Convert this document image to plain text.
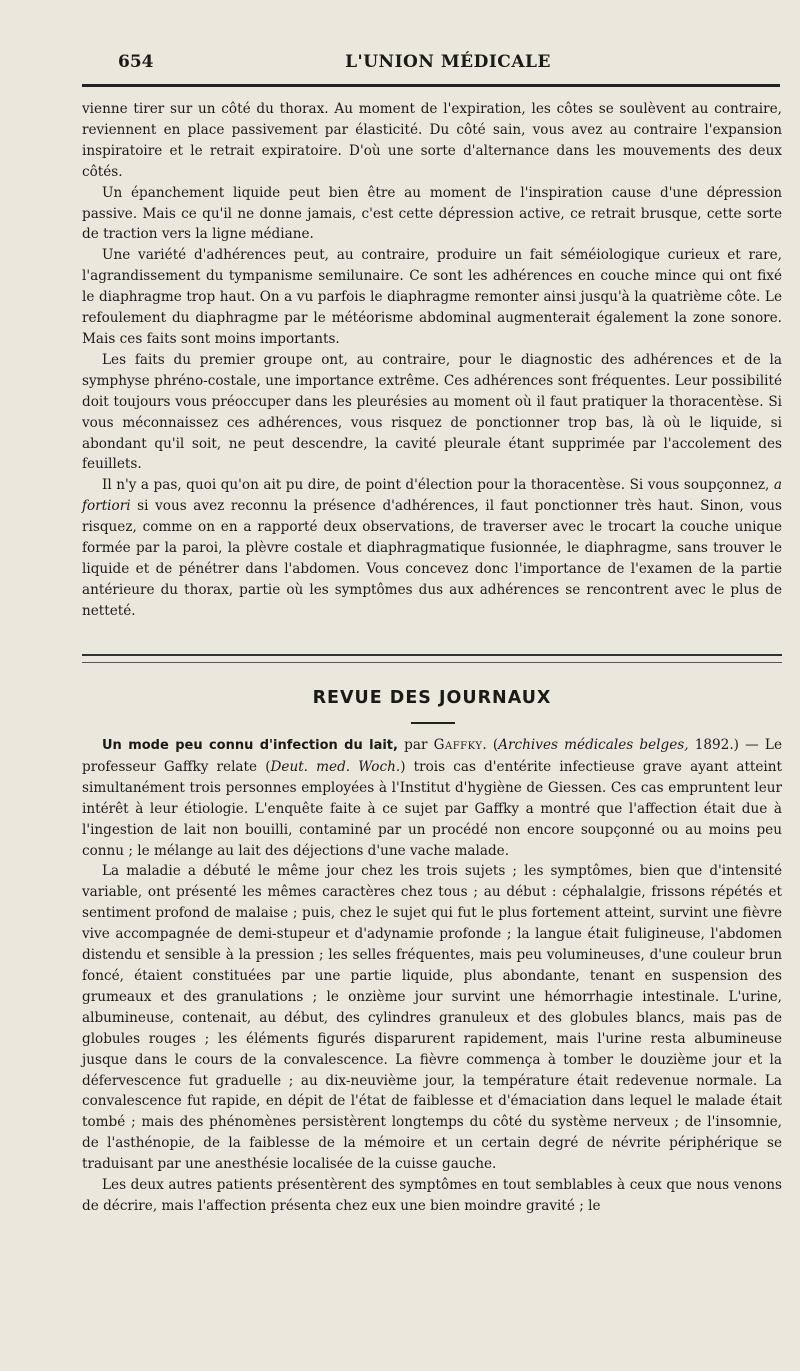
654	L'UNION MÉDICALE

vienne tirer sur un côté du thorax. Au moment de l'expiration, les côtes se soulèvent au contraire, reviennent en place passivement par élasticité. Du côté sain, vous avez au contraire l'expansion inspiratoire et le retrait expiratoire. D'où une sorte d'alternance dans les mouvements des deux côtés.

Un épanchement liquide peut bien être au moment de l'inspiration cause d'une dépression passive. Mais ce qu'il ne donne jamais, c'est cette dépression active, ce retrait brusque, cette sorte de traction vers la ligne médiane.

Une variété d'adhérences peut, au contraire, produire un fait séméiologique curieux et rare, l'agrandissement du tympanisme semilunaire. Ce sont les adhérences en couche mince qui ont fixé le diaphragme trop haut. On a vu parfois le diaphragme remonter ainsi jusqu'à la quatrième côte. Le refoulement du diaphragme par le météorisme abdominal augmenterait également la zone sonore. Mais ces faits sont moins importants.

Les faits du premier groupe ont, au contraire, pour le diagnostic des adhérences et de la symphyse phréno-costale, une importance extrême. Ces adhérences sont fréquentes. Leur possibilité doit toujours vous préoccuper dans les pleurésies au moment où il faut pratiquer la thoracentèse. Si vous méconnaissez ces adhérences, vous risquez de ponctionner trop bas, là où le liquide, si abondant qu'il soit, ne peut descendre, la cavité pleurale étant supprimée par l'accolement des feuillets.

Il n'y a pas, quoi qu'on ait pu dire, de point d'élection pour la thoracentèse. Si vous soupçonnez, a fortiori si vous avez reconnu la présence d'adhérences, il faut ponctionner très haut. Sinon, vous risquez, comme on en a rapporté deux observations, de traverser avec le trocart la couche unique formée par la paroi, la plèvre costale et diaphragmatique fusionnée, le diaphragme, sans trouver le liquide et de pénétrer dans l'abdomen. Vous concevez donc l'importance de l'examen de la partie antérieure du thorax, partie où les symptômes dus aux adhérences se rencontrent avec le plus de netteté.

REVUE DES JOURNAUX

Un mode peu connu d'infection du lait, par Gaffky. (Archives médicales belges, 1892.) — Le professeur Gaffky relate (Deut. med. Woch.) trois cas d'entérite infectieuse grave ayant atteint simultanément trois personnes employées à l'Institut d'hygiène de Giessen. Ces cas empruntent leur intérêt à leur étiologie. L'enquête faite à ce sujet par Gaffky a montré que l'affection était due à l'ingestion de lait non bouilli, contaminé par un procédé non encore soupçonné ou au moins peu connu ; le mélange au lait des déjections d'une vache malade.

La maladie a débuté le même jour chez les trois sujets ; les symptômes, bien que d'intensité variable, ont présenté les mêmes caractères chez tous ; au début : céphalalgie, frissons répétés et sentiment profond de malaise ; puis, chez le sujet qui fut le plus fortement atteint, survint une fièvre vive accompagnée de demi-stupeur et d'adynamie profonde ; la langue était fuligineuse, l'abdomen distendu et sensible à la pression ; les selles fréquentes, mais peu volumineuses, d'une couleur brun foncé, étaient constituées par une partie liquide, plus abondante, tenant en suspension des grumeaux et des granulations ; le onzième jour survint une hémorrhagie intestinale. L'urine, albumineuse, contenait, au début, des cylindres granuleux et des globules blancs, mais pas de globules rouges ; les éléments figurés disparurent rapidement, mais l'urine resta albumineuse jusque dans le cours de la convalescence. La fièvre commença à tomber le douzième jour et la défervescence fut graduelle ; au dix-neuvième jour, la température était redevenue normale. La convalescence fut rapide, en dépit de l'état de faiblesse et d'émaciation dans lequel le malade était tombé ; mais des phénomènes persistèrent longtemps du côté du système nerveux ; de l'insomnie, de l'asthénopie, de la faiblesse de la mémoire et un certain degré de névrite périphérique se traduisant par une anesthésie localisée de la cuisse gauche.

Les deux autres patients présentèrent des symptômes en tout semblables à ceux que nous venons de décrire, mais l'affection présenta chez eux une bien moindre gravité ; le
